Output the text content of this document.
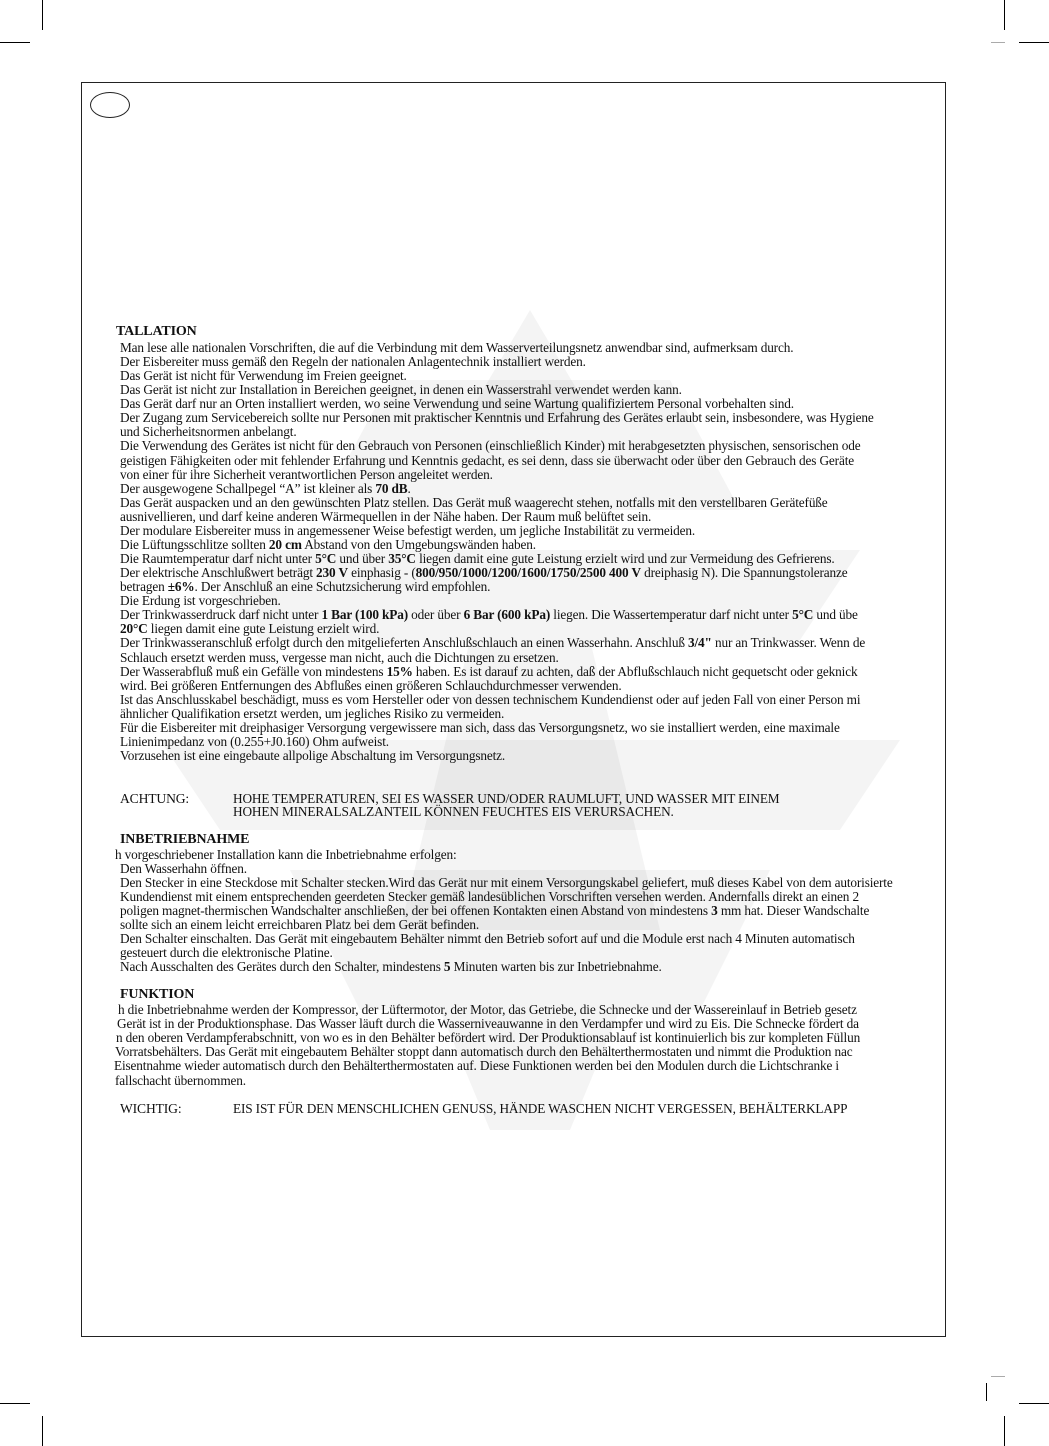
TALLATION
ACHTUNG:	HOHE TEMPERATUREN, SEI ES WASSER UND/ODER RAUMLUFT, UND WASSER MIT EINEM
HOHEN MINERALSALZANTEIL KÖNNEN FEUCHTES EIS VERURSACHEN.
INBETRIEBNAHME
FUNKTION
WICHTIG:	EIS IST FÜR DEN MENSCHLICHEN GENUSS, HÄNDE WASCHEN NICHT VERGESSEN, BEHÄLTERKLAPP
Man lese alle nationalen Vorschriften, die auf die Verbindung mit dem Wasserverteilungsnetz anwendbar sind, aufmerksam durch.
Der Eisbereiter muss gemäß den Regeln der nationalen Anlagentechnik installiert werden.
Das Gerät ist nicht für Verwendung im Freien geeignet.
Das Gerät ist nicht zur Installation in Bereichen geeignet, in denen ein Wasserstrahl verwendet werden kann.
Das Gerät darf nur an Orten installiert werden, wo seine Verwendung und seine Wartung qualifiziertem Personal vorbehalten sind.
Der Zugang zum Servicebereich sollte nur Personen mit praktischer Kenntnis und Erfahrung des Gerätes erlaubt sein, insbesondere, was Hygiene
und Sicherheitsnormen anbelangt.
Die Verwendung des Gerätes ist nicht für den Gebrauch von Personen (einschließlich Kinder) mit herabgesetzten physischen, sensorischen ode
geistigen Fähigkeiten oder mit fehlender Erfahrung und Kenntnis gedacht, es sei denn, dass sie überwacht oder über den Gebrauch des Geräte
von einer für ihre Sicherheit verantwortlichen Person angeleitet werden.
Der ausgewogene Schallpegel “A” ist kleiner als 70 dB.
Das Gerät auspacken und an den gewünschten Platz stellen. Das Gerät muß waagerecht stehen, notfalls mit den verstellbaren Gerätefüße
ausnivellieren, und darf keine anderen Wärmequellen in der Nähe haben. Der Raum muß belüftet sein.
Der modulare Eisbereiter muss in angemessener Weise befestigt werden, um jegliche Instabilität zu vermeiden.
Die Lüftungsschlitze sollten 20 cm Abstand von den Umgebungswänden haben.
Die Raumtemperatur darf nicht unter 5°C und über 35°C liegen damit eine gute Leistung erzielt wird und zur Vermeidung des Gefrierens.
Der elektrische Anschlußwert beträgt 230 V einphasig - (800/950/1000/1200/1600/1750/2500 400 V dreiphasig N). Die Spannungstoleranze
betragen ±6%. Der Anschluß an eine Schutzsicherung wird empfohlen.
Die Erdung ist vorgeschrieben.
Der Trinkwasserdruck darf nicht unter 1 Bar (100 kPa) oder über 6 Bar (600 kPa) liegen. Die Wassertemperatur darf nicht unter 5°C und übe
20°C liegen damit eine gute Leistung erzielt wird.
Der Trinkwasseranschluß erfolgt durch den mitgelieferten Anschlußschlauch an einen Wasserhahn. Anschluß 3/4" nur an Trinkwasser. Wenn de
Schlauch ersetzt werden muss, vergesse man nicht, auch die Dichtungen zu ersetzen.
Der Wasserabfluß muß ein Gefälle von mindestens 15% haben. Es ist darauf zu achten, daß der Abflußschlauch nicht gequetscht oder geknick
wird. Bei größeren Entfernungen des Abflußes einen größeren Schlauchdurchmesser verwenden.
Ist das Anschlusskabel beschädigt, muss es vom Hersteller oder von dessen technischem Kundendienst oder auf jeden Fall von einer Person mi
ähnlicher Qualifikation ersetzt werden, um jegliches Risiko zu vermeiden.
Für die Eisbereiter mit dreiphasiger Versorgung vergewissere man sich, dass das Versorgungsnetz, wo sie installiert werden, eine maximale
Linienimpedanz von (0.255+J0.160) Ohm aufweist.
Vorzusehen ist eine eingebaute allpolige Abschaltung im Versorgungsnetz.
h vorgeschriebener Installation kann die Inbetriebnahme erfolgen:
Den Wasserhahn öffnen.
Den Stecker in eine Steckdose mit Schalter stecken.Wird das Gerät nur mit einem Versorgungskabel geliefert, muß dieses Kabel von dem autorisierte
Kundendienst mit einem entsprechenden geerdeten Stecker gemäß landesüblichen Vorschriften versehen werden. Andernfalls direkt an einen 2
poligen magnet-thermischen Wandschalter anschließen, der bei offenen Kontakten einen Abstand von mindestens 3 mm hat. Dieser Wandschalte
sollte sich an einem leicht erreichbaren Platz bei dem Gerät befinden.
Den Schalter einschalten. Das Gerät mit eingebautem Behälter nimmt den Betrieb sofort auf und die Module erst nach 4 Minuten automatisch
gesteuert durch die elektronische Platine.
Nach Ausschalten des Gerätes durch den Schalter, mindestens 5 Minuten warten bis zur Inbetriebnahme.
h die Inbetriebnahme werden der Kompressor, der Lüftermotor, der Motor, das Getriebe, die Schnecke und der Wassereinlauf in Betrieb gesetz
Gerät ist in der Produktionsphase. Das Wasser läuft durch die Wasserniveauwanne in den Verdampfer und wird zu Eis. Die Schnecke fördert da
n den oberen Verdampferabschnitt, von wo es in den Behälter befördert wird. Der Produktionsablauf ist kontinuierlich bis zur kompleten Füllun
Vorratsbehälters. Das Gerät mit eingebautem Behälter stoppt dann automatisch durch den Behälterthermostaten und nimmt die Produktion nac
Eisentnahme wieder automatisch durch den Behälterthermostaten auf. Diese Funktionen werden bei den Modulen durch die Lichtschranke i
fallschacht übernommen.
